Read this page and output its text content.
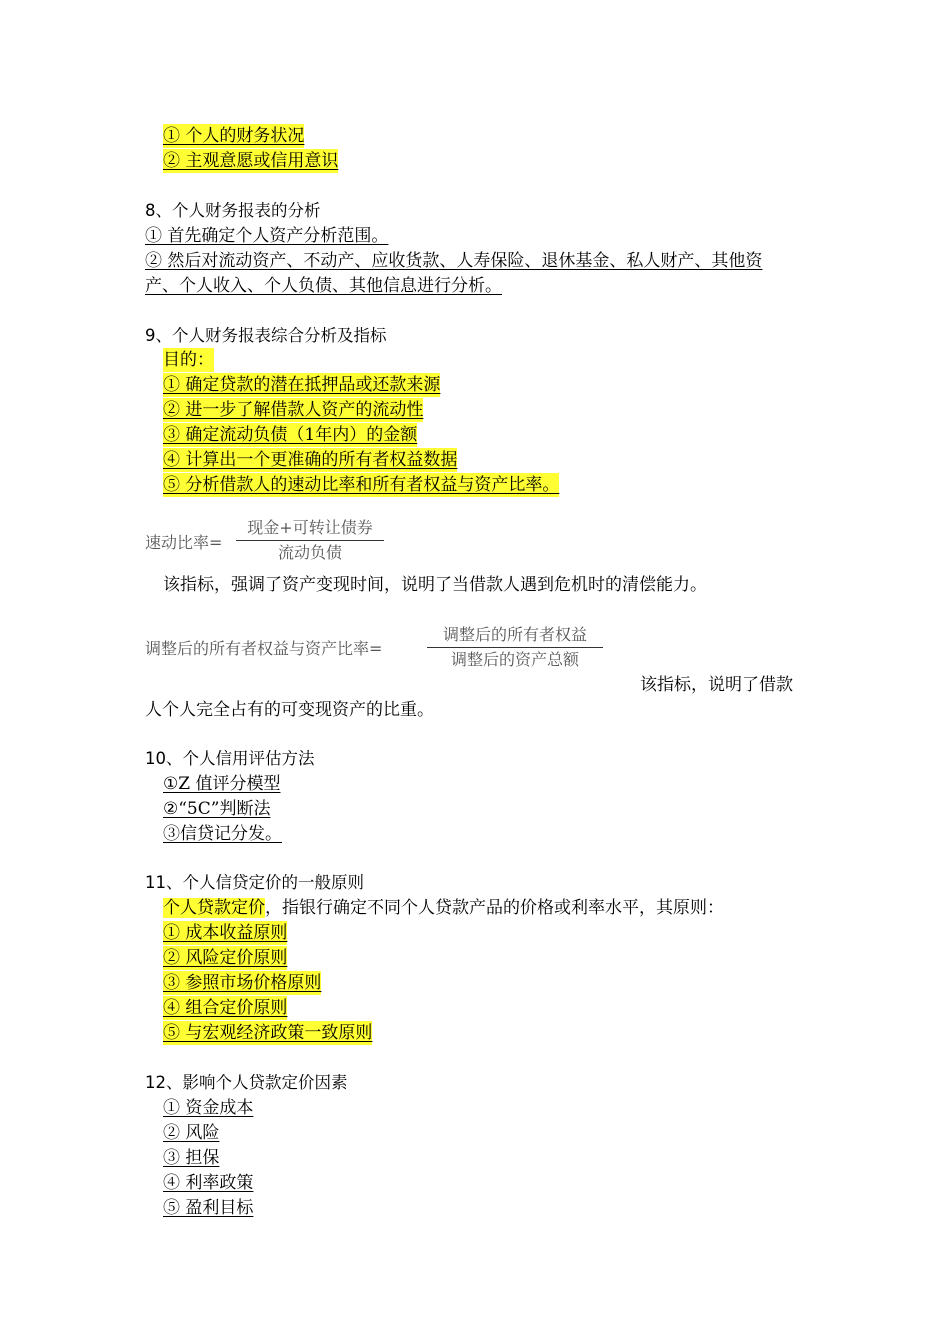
① 个人的财务状况
② 主观意愿或信用意识
8、个人财务报表的分析
① 首先确定个人资产分析范围。
② 然后对流动资产、不动产、应收货款、人寿保险、退休基金、私人财产、其他资
产、个人收入、个人负债、其他信息进行分析。
9、个人财务报表综合分析及指标
目的：
① 确定贷款的潜在抵押品或还款来源
② 进一步了解借款人资产的流动性
③ 确定流动负债（1年内）的金额
④ 计算出一个更准确的所有者权益数据
⑤ 分析借款人的速动比率和所有者权益与资产比率。
速动比率=
现金+可转让债券
流动负债
该指标，强调了资产变现时间，说明了当借款人遇到危机时的清偿能力。
调整后的所有者权益与资产比率=
调整后的所有者权益
调整后的资产总额
该指标，说明了借款
人个人完全占有的可变现资产的比重。
10、个人信用评估方法
①Z 值评分模型
②“5C”判断法
③信贷记分发。
11、个人信贷定价的一般原则
个人贷款定价，指银行确定不同个人贷款产品的价格或利率水平，其原则：
① 成本收益原则
② 风险定价原则
③ 参照市场价格原则
④ 组合定价原则
⑤ 与宏观经济政策一致原则
12、影响个人贷款定价因素
① 资金成本
② 风险
③ 担保
④ 利率政策
⑤ 盈利目标
